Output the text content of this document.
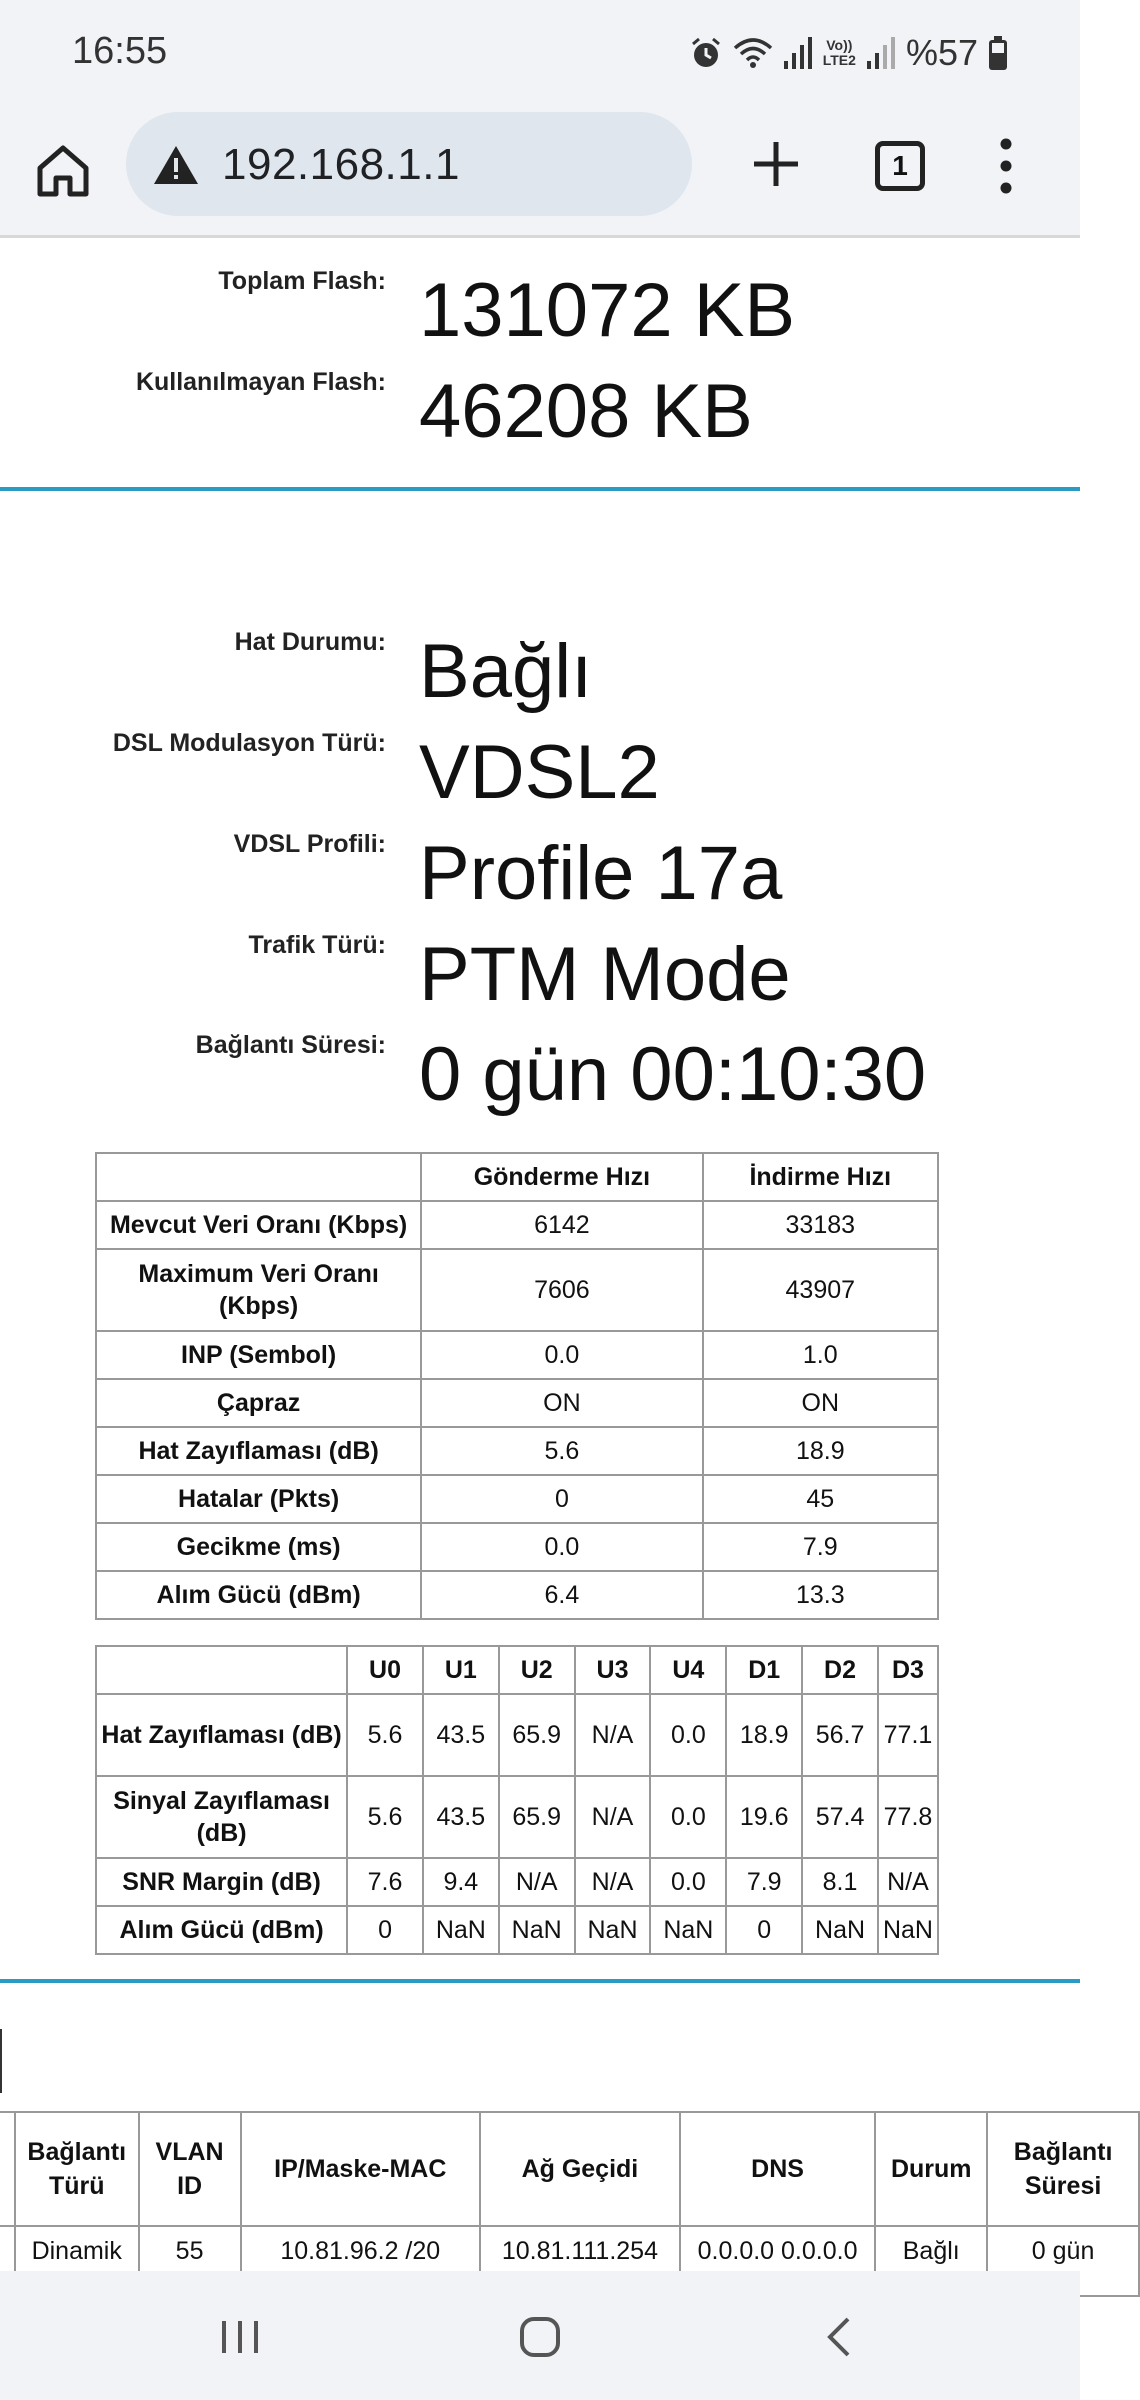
16:55	Vo))
LTE2 %57
192.168.1.1	1
Toplam Flash: 131072 KB
Kullanılmayan Flash: 46208 KB
Hat Durumu: Bağlı
DSL Modulasyon Türü: VDSL2
VDSL Profili: Profile 17a
Trafik Türü: PTM Mode
Bağlantı Süresi: 0 gün 00:10:30
	Gönderme Hızı	İndirme Hızı
Mevcut Veri Oranı (Kbps)	6142	33183
Maximum Veri Oranı (Kbps)	7606	43907
INP (Sembol)	0.0	1.0
Çapraz	ON	ON
Hat Zayıflaması (dB)	5.6	18.9
Hatalar (Pkts)	0	45
Gecikme (ms)	0.0	7.9
Alım Gücü (dBm)	6.4	13.3
	U0	U1	U2	U3	U4	D1	D2	D3
Hat Zayıflaması (dB)	5.6	43.5	65.9	N/A	0.0	18.9	56.7	77.1
Sinyal Zayıflaması (dB)	5.6	43.5	65.9	N/A	0.0	19.6	57.4	77.8
SNR Margin (dB)	7.6	9.4	N/A	N/A	0.0	7.9	8.1	N/A
Alım Gücü (dBm)	0	NaN	NaN	NaN	NaN	0	NaN	NaN
	Bağlantı Türü	VLAN ID	IP/Maske-MAC	Ağ Geçidi	DNS	Durum	Bağlantı Süresi
	Dinamik	55	10.81.96.2 /20	10.81.111.254	0.0.0.0 0.0.0.0	Bağlı	0 gün
